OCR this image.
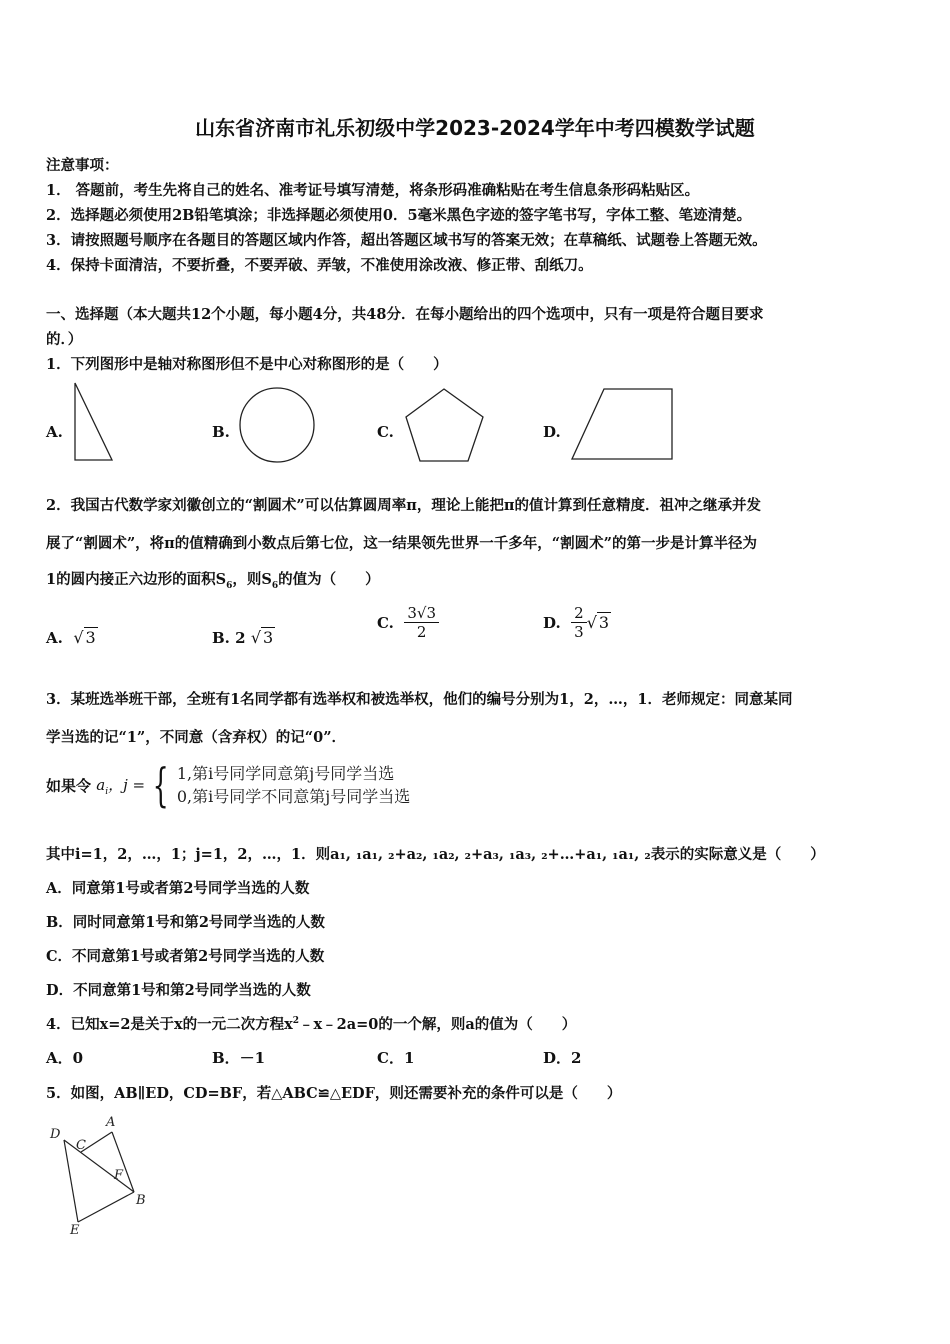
山东省济南市礼乐初级中学2023-2024学年中考四模数学试题
注意事项：
1． 答题前，考生先将自己的姓名、准考证号填写清楚，将条形码准确粘贴在考生信息条形码粘贴区。
2．选择题必须使用2B铅笔填涂；非选择题必须使用0．5毫米黑色字迹的签字笔书写，字体工整、笔迹清楚。
3．请按照题号顺序在各题目的答题区域内作答，超出答题区域书写的答案无效；在草稿纸、试题卷上答题无效。
4．保持卡面清洁，不要折叠，不要弄破、弄皱，不准使用涂改液、修正带、刮纸刀。
一、选择题（本大题共12个小题，每小题4分，共48分．在每小题给出的四个选项中，只有一项是符合题目要求
的．）
1．下列图形中是轴对称图形但不是中心对称图形的是（　　）
A.	B.	C.	D.
2．我国古代数学家刘徽创立的“割圆术”可以估算圆周率π，理论上能把π的值计算到任意精度．祖冲之继承并发
展了“割圆术”，将π的值精确到小数点后第七位，这一结果领先世界一千多年，“割圆术”的第一步是计算半径为
1的圆内接正六边形的面积$S_6$，则$S_6$的值为（　　）
A. √ 3	B. 2 √ 3
C. $\frac{3√3}{2}$	D. $\frac{2}{3}$ √ 3
3．某班选举班干部，全班有1名同学都有选举权和被选举权，他们的编号分别为1，2，…，1．老师规定：同意某同
学当选的记“1”，不同意（含弃权）的记“0”．
如果令 $a_i$，j = { 1,第i号同学同意第j号同学当选
0,第i号同学不同意第j号同学当选
其中i=1，2，…，1；j=1，2，…，1．则a₁, ₁a₁, ₂+a₂, ₁a₂, ₂+a₃, ₁a₃, ₂+…+a₁, ₁a₁, ₂表示的实际意义是（　　）
A．同意第1号或者第2号同学当选的人数
B．同时同意第1号和第2号同学当选的人数
C．不同意第1号或者第2号同学当选的人数
D．不同意第1号和第2号同学当选的人数
4．已知x=2是关于x的一元二次方程$x^2﹣x﹣2a=0$的一个解，则a的值为（　　）
A．0	B．－1	C．1	D．2
5．如图，AB∥ED，CD=BF，若△ABC≌△EDF，则还需要补充的条件可以是（　　）
D
C
A
F
B
E
